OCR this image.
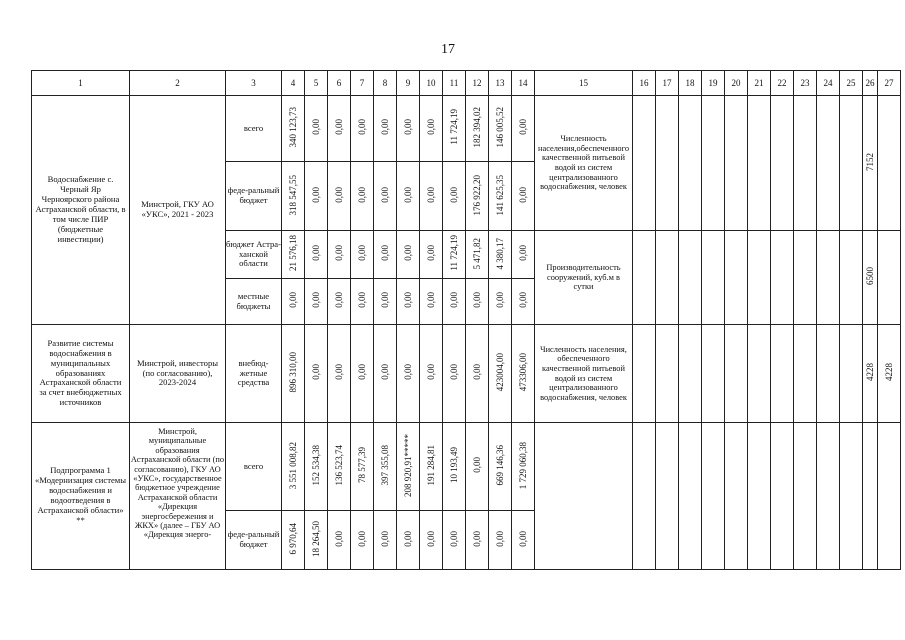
17
1	2	3	4	5	6	7	8	9	10	11	12	13	14	15	16	17	18	19	20	21	22	23	24	25	26	27
Водоснабжение с. Черный Яр Черноярского района Астраханской области, в том числе ПИР (бюджетные инвестиции)	Минстрой, ГКУ АО «УКС», 2021 - 2023	всего	340 123,73	0,00	0,00	0,00	0,00	0,00	0,00	11 724,19	182 394,02	146 005,52	0,00	Численность населения,обеспеченного качественной питьевой водой из систем централизованного водоснабжения, человек											7152	
		феде-ральный бюджет	318 547,55	0,00	0,00	0,00	0,00	0,00	0,00	0,00	176 922,20	141 625,35	0,00													
		бюджет Астра-ханской области	21 576,18	0,00	0,00	0,00	0,00	0,00	0,00	11 724,19	5 471,82	4 380,17	0,00	Производительность сооружений, куб.м в сутки											6500	
		местные бюджеты	0,00	0,00	0,00	0,00	0,00	0,00	0,00	0,00	0,00	0,00	0,00													
Развитие системы водоснабжения в муниципальных образованиях Астраханской области за счет внебюджетных источников	Минстрой, инвесторы (по согласованию), 2023-2024	внебюд-жетные средства	896 310,00	0,00	0,00	0,00	0,00	0,00	0,00	0,00	0,00	423004,00	473306,00	Численность населения, обеспеченного качественной питьевой водой из систем централизованного водоснабжения, человек											4228	4228
Подпрограмма 1 «Модернизация системы водоснабжения и водоотведения в Астраханской области» **	Минстрой, муниципальные образования Астраханской области (по согласованию), ГКУ АО «УКС», государственное бюджетное учреждение Астраханской области «Дирекция энергосбережения и ЖКХ» (далее – ГБУ АО «Дирекция энерго-	всего	3 551 008,82	152 534,38	136 523,74	78 577,39	397 355,08	208 920,91*****	191 284,81	10 193,49	0,00	669 146,36	1 729 060,38													
		феде-ральный бюджет	6 970,64	18 264,50	0,00	0,00	0,00	0,00	0,00	0,00	0,00	0,00	0,00													
